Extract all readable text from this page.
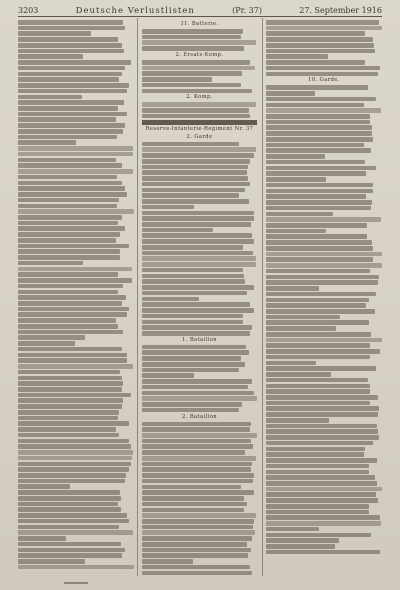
3203	Deutsche Verlustlisten	(Pr. 37)	27. September 1916
11. Batterie.
2. Ersatz-Komp.
2. Komp.
Reserve-Infanterie-Regiment Nr. 37
2. Garde
1. Bataillon
2. Bataillon
10. Garde.
